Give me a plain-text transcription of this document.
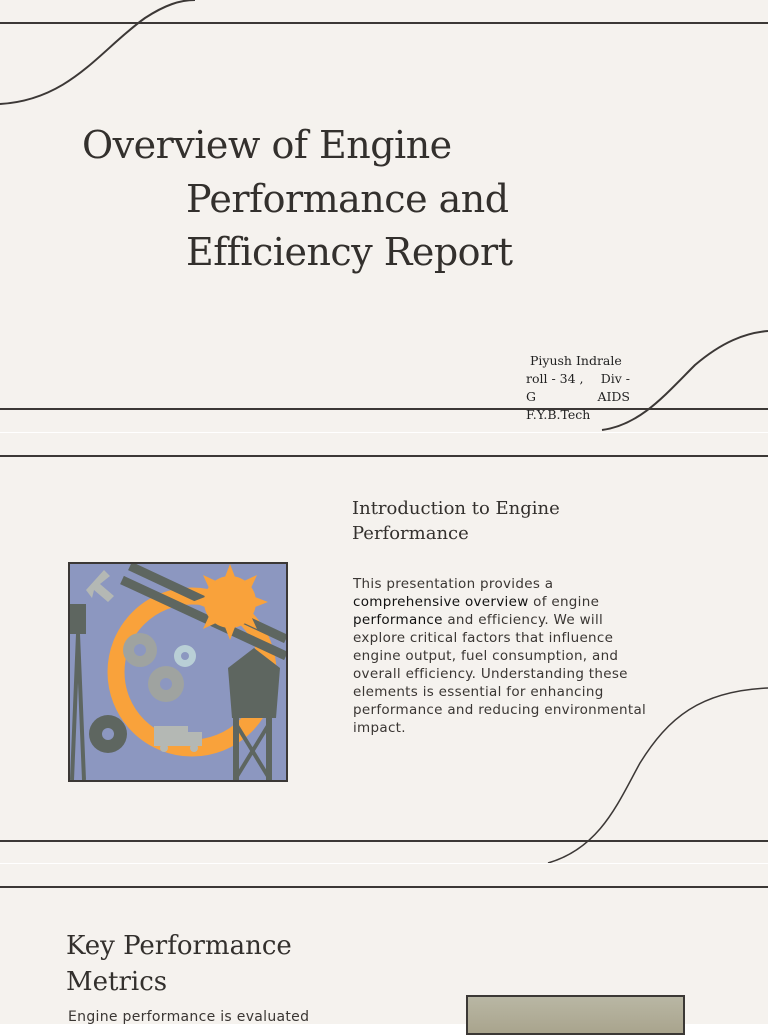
Overview of Engine
Performance and
Efficiency Report
Piyush Indrale
roll - 34 , Div -
G	AIDS
F.Y.B.Tech
Introduction to Engine Performance
This presentation provides a
comprehensive overview of engine
performance and efficiency. We will
explore critical factors that influence engine output, fuel consumption, and overall efficiency. Understanding these elements is essential for enhancing performance and reducing environmental impact.
Key Performance Metrics

Engine performance is evaluated
